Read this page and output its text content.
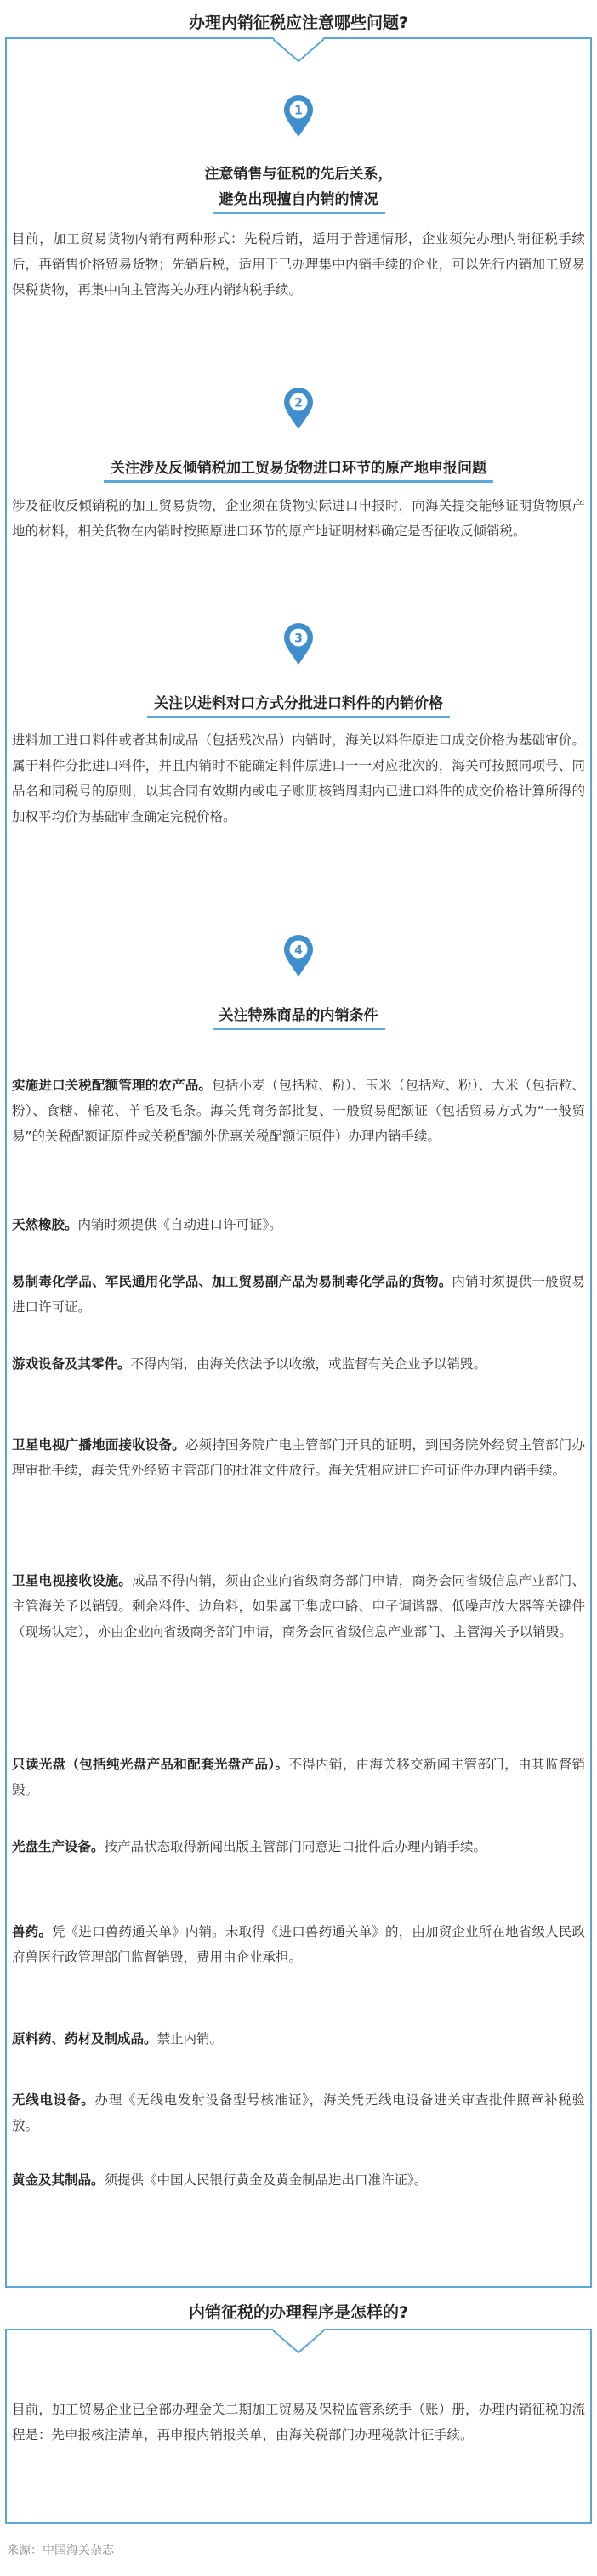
办理内销征税应注意哪些问题?
1
注意销售与征税的先后关系，
避免出现擅自内销的情况
目前，加工贸易货物内销有两种形式：先税后销，适用于普通情形，企业须先办理内销征税手续后，再销售价格贸易货物；先销后税，适用于已办理集中内销手续的企业，可以先行内销加工贸易保税货物，再集中向主管海关办理内销纳税手续。
2
关注涉及反倾销税加工贸易货物进口环节的原产地申报问题
涉及征收反倾销税的加工贸易货物，企业须在货物实际进口申报时，向海关提交能够证明货物原产地的材料，相关货物在内销时按照原进口环节的原产地证明材料确定是否征收反倾销税。
3
关注以进料对口方式分批进口料件的内销价格
进料加工进口料件或者其制成品（包括残次品）内销时，海关以料件原进口成交价格为基础审价。属于料件分批进口料件，并且内销时不能确定料件原进口一一对应批次的，海关可按照同项号、同品名和同税号的原则，以其合同有效期内或电子账册核销周期内已进口料件的成交价格计算所得的加权平均价为基础审查确定完税价格。
4
关注特殊商品的内销条件
实施进口关税配额管理的农产品。包括小麦（包括粒、粉）、玉米（包括粒、粉）、大米（包括粒、粉）、食糖、棉花、羊毛及毛条。海关凭商务部批复、一般贸易配额证（包括贸易方式为“一般贸易”的关税配额证原件或关税配额外优惠关税配额证原件）办理内销手续。
天然橡胶。内销时须提供《自动进口许可证》。
易制毒化学品、军民通用化学品、加工贸易副产品为易制毒化学品的货物。内销时须提供一般贸易进口许可证。
游戏设备及其零件。不得内销，由海关依法予以收缴，或监督有关企业予以销毁。
卫星电视广播地面接收设备。必须持国务院广电主管部门开具的证明，到国务院外经贸主管部门办理审批手续，海关凭外经贸主管部门的批准文件放行。海关凭相应进口许可证件办理内销手续。
卫星电视接收设施。成品不得内销，须由企业向省级商务部门申请，商务会同省级信息产业部门、主管海关予以销毁。剩余料件、边角料，如果属于集成电路、电子调谐器、低噪声放大器等关键件（现场认定），亦由企业向省级商务部门申请，商务会同省级信息产业部门、主管海关予以销毁。
只读光盘（包括纯光盘产品和配套光盘产品）。不得内销，由海关移交新闻主管部门，由其监督销毁。
光盘生产设备。按产品状态取得新闻出版主管部门同意进口批件后办理内销手续。
兽药。凭《进口兽药通关单》内销。未取得《进口兽药通关单》的，由加贸企业所在地省级人民政府兽医行政管理部门监督销毁，费用由企业承担。
原料药、药材及制成品。禁止内销。
无线电设备。办理《无线电发射设备型号核准证》，海关凭无线电设备进关审查批件照章补税验放。
黄金及其制品。须提供《中国人民银行黄金及黄金制品进出口准许证》。
内销征税的办理程序是怎样的?
目前，加工贸易企业已全部办理金关二期加工贸易及保税监管系统手（账）册，办理内销征税的流程是：先申报核注清单，再申报内销报关单，由海关税部门办理税款计征手续。
来源：中国海关杂志
